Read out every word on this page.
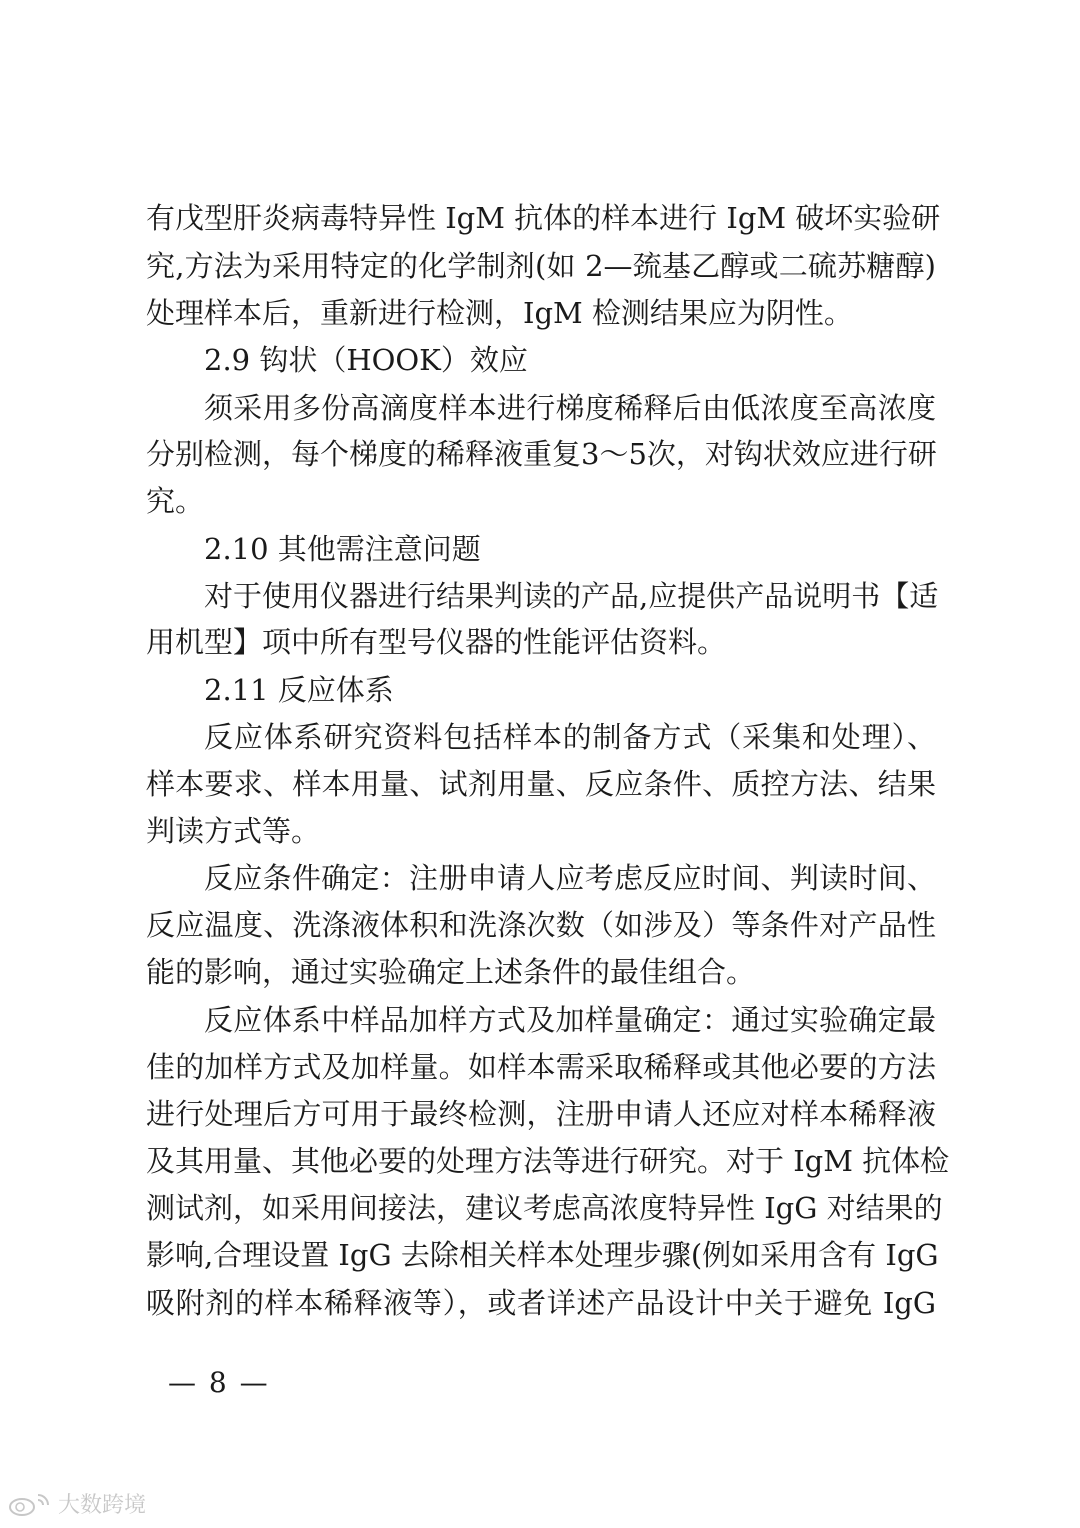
有戊型肝炎病毒特异性 IgM 抗体的样本进行 IgM 破坏实验研
究,方法为采用特定的化学制剂(如 2—巯基乙醇或二硫苏糖醇)
处理样本后，重新进行检测，IgM 检测结果应为阴性。
2.9 钩状（HOOK）效应
须采用多份高滴度样本进行梯度稀释后由低浓度至高浓度
分别检测，每个梯度的稀释液重复3～5次，对钩状效应进行研
究。
2.10 其他需注意问题
对于使用仪器进行结果判读的产品,应提供产品说明书【适
用机型】项中所有型号仪器的性能评估资料。
2.11 反应体系
反应体系研究资料包括样本的制备方式（采集和处理）、
样本要求、样本用量、试剂用量、反应条件、质控方法、结果
判读方式等。
反应条件确定：注册申请人应考虑反应时间、判读时间、
反应温度、洗涤液体积和洗涤次数（如涉及）等条件对产品性
能的影响，通过实验确定上述条件的最佳组合。
反应体系中样品加样方式及加样量确定：通过实验确定最
佳的加样方式及加样量。如样本需采取稀释或其他必要的方法
进行处理后方可用于最终检测，注册申请人还应对样本稀释液
及其用量、其他必要的处理方法等进行研究。对于 IgM 抗体检
测试剂，如采用间接法，建议考虑高浓度特异性 IgG 对结果的
影响,合理设置 IgG 去除相关样本处理步骤(例如采用含有 IgG
吸附剂的样本稀释液等），或者详述产品设计中关于避免 IgG
— 8 —
大数跨境
